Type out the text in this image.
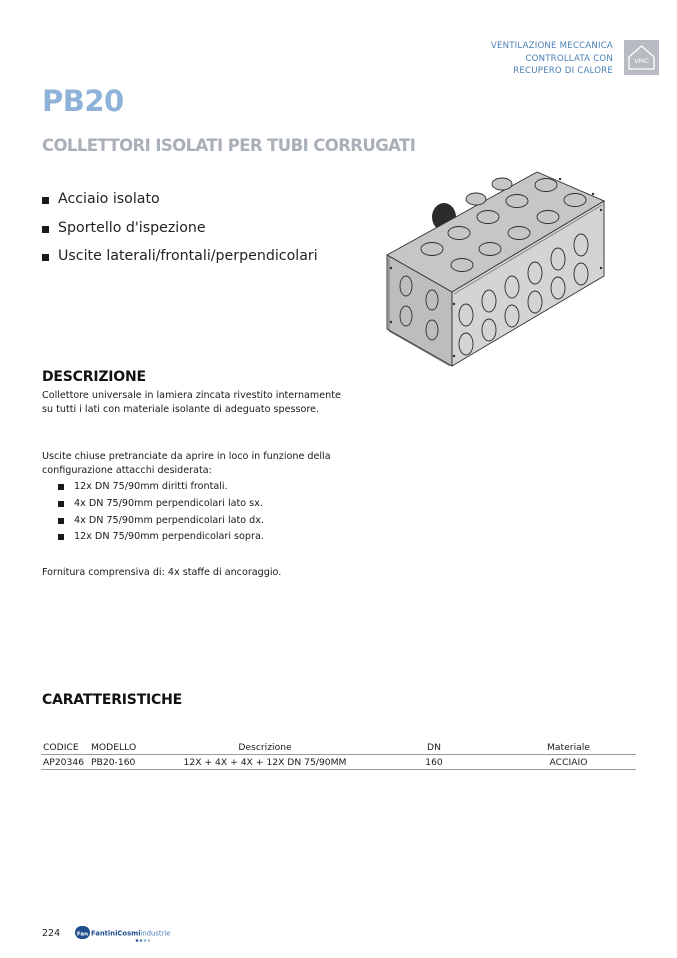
VENTILAZIONE MECCANICA
CONTROLLATA CON
RECUPERO DI CALORE
VMC
PB20
COLLETTORI ISOLATI PER TUBI CORRUGATI
Acciaio isolato
Sportello d'ispezione
Uscite laterali/frontali/perpendicolari
DESCRIZIONE
Collettore universale in lamiera zincata rivestito internamente su tutti i lati con materiale isolante di adeguato spessore.
Uscite chiuse pretranciate da aprire in loco in funzione della configurazione attacchi desiderata:
12x DN 75/90mm diritti frontali.
4x DN 75/90mm perpendicolari lato sx.
4x DN 75/90mm perpendicolari lato dx.
12x DN 75/90mm perpendicolari sopra.
Fornitura comprensiva di: 4x staffe di ancoraggio.
CARATTERISTICHE
CODICE	MODELLO	Descrizione	DN	Materiale
AP20346	PB20-160	12X + 4X + 4X + 12X DN 75/90MM	160	ACCIAIO
224	Fan FantiniCosmiindustrie
